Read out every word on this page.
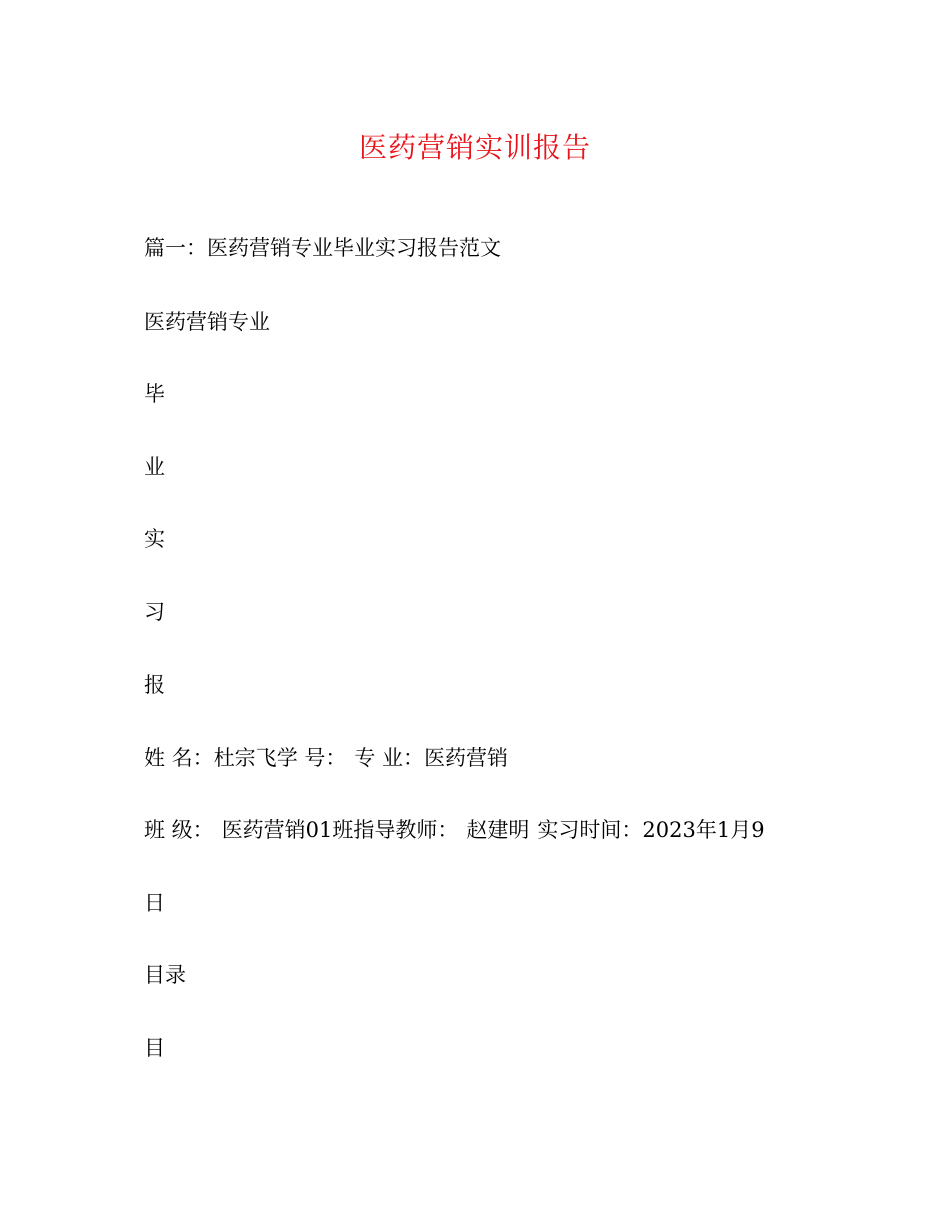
医药营销实训报告
篇一：医药营销专业毕业实习报告范文
医药营销专业
毕
业
实
习
报
姓 名：杜宗飞学 号： 专 业：医药营销
班 级： 医药营销01班指导教师： 赵建明 实习时间：2023年1月9
日
目录
目
